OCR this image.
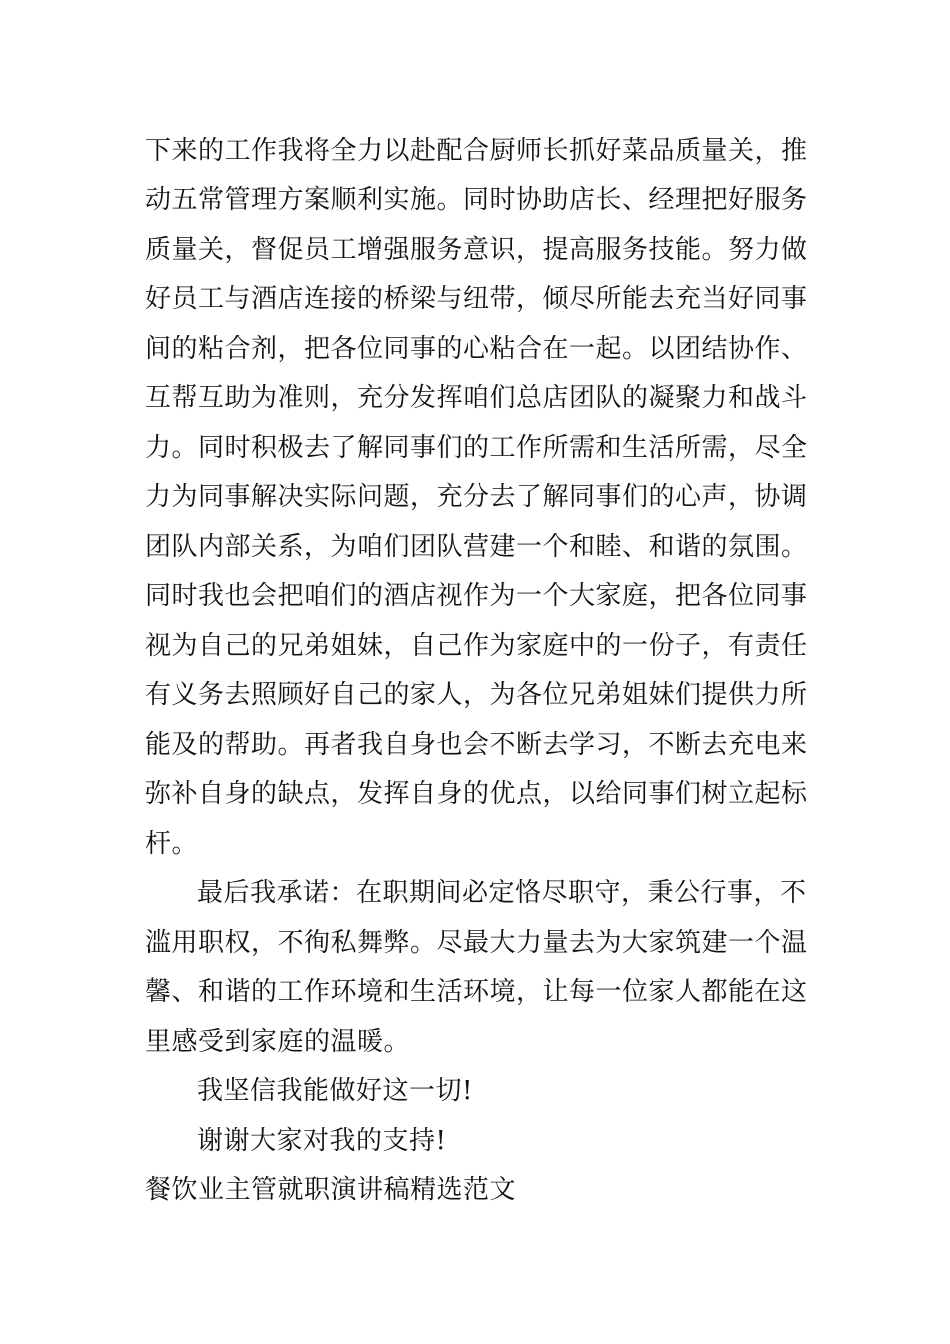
下来的工作我将全力以赴配合厨师长抓好菜品质量关，推
动五常管理方案顺利实施。同时协助店长、经理把好服务
质量关，督促员工增强服务意识，提高服务技能。努力做
好员工与酒店连接的桥梁与纽带，倾尽所能去充当好同事
间的粘合剂，把各位同事的心粘合在一起。以团结协作、
互帮互助为准则，充分发挥咱们总店团队的凝聚力和战斗
力。同时积极去了解同事们的工作所需和生活所需，尽全
力为同事解决实际问题，充分去了解同事们的心声，协调
团队内部关系，为咱们团队营建一个和睦、和谐的氛围。
同时我也会把咱们的酒店视作为一个大家庭，把各位同事
视为自己的兄弟姐妹，自己作为家庭中的一份子，有责任
有义务去照顾好自己的家人，为各位兄弟姐妹们提供力所
能及的帮助。再者我自身也会不断去学习，不断去充电来
弥补自身的缺点，发挥自身的优点，以给同事们树立起标
杆。
最后我承诺：在职期间必定恪尽职守，秉公行事，不
滥用职权，不徇私舞弊。尽最大力量去为大家筑建一个温
馨、和谐的工作环境和生活环境，让每一位家人都能在这
里感受到家庭的温暖。
我坚信我能做好这一切!
谢谢大家对我的支持!
餐饮业主管就职演讲稿精选范文
